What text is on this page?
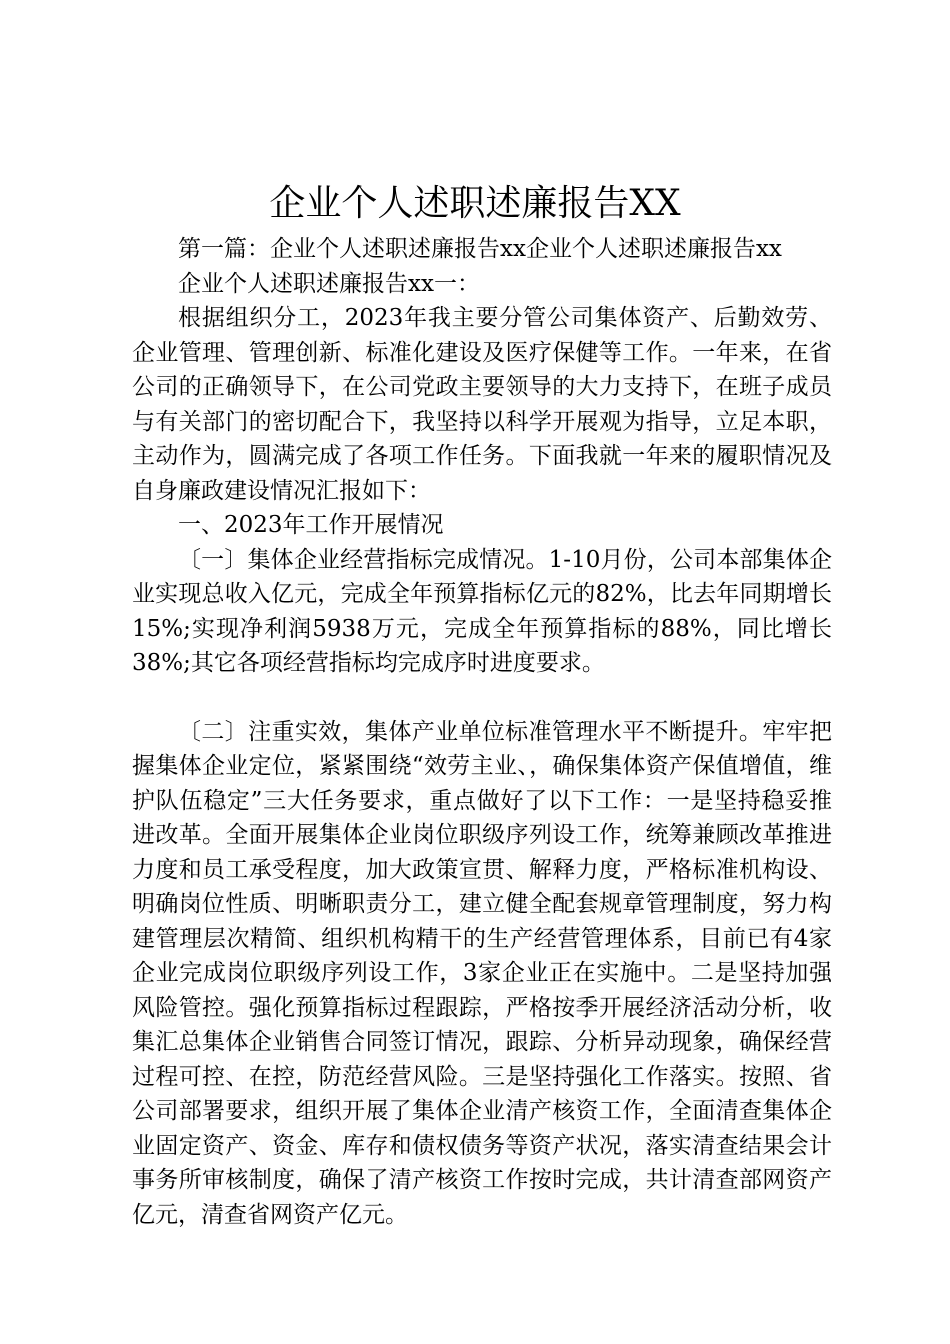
企业个人述职述廉报告XX

第一篇：企业个人述职述廉报告xx企业个人述职述廉报告xx

企业个人述职述廉报告xx一：

根据组织分工，2023年我主要分管公司集体资产、后勤效劳、企业管理、管理创新、标准化建设及医疗保健等工作。一年来，在省公司的正确领导下，在公司党政主要领导的大力支持下，在班子成员与有关部门的密切配合下，我坚持以科学开展观为指导，立足本职，主动作为，圆满完成了各项工作任务。下面我就一年来的履职情况及自身廉政建设情况汇报如下：

一、2023年工作开展情况

〔一〕集体企业经营指标完成情况。1-10月份，公司本部集体企业实现总收入亿元，完成全年预算指标亿元的82%，比去年同期增长15%;实现净利润5938万元，完成全年预算指标的88%，同比增长38%;其它各项经营指标均完成序时进度要求。

〔二〕注重实效，集体产业单位标准管理水平不断提升。牢牢把握集体企业定位，紧紧围绕“效劳主业、，确保集体资产保值增值，维护队伍稳定”三大任务要求，重点做好了以下工作：一是坚持稳妥推进改革。全面开展集体企业岗位职级序列设工作，统筹兼顾改革推进力度和员工承受程度，加大政策宣贯、解释力度，严格标准机构设、明确岗位性质、明晰职责分工，建立健全配套规章管理制度，努力构建管理层次精简、组织机构精干的生产经营管理体系，目前已有4家企业完成岗位职级序列设工作，3家企业正在实施中。二是坚持加强风险管控。强化预算指标过程跟踪，严格按季开展经济活动分析，收集汇总集体企业销售合同签订情况，跟踪、分析异动现象，确保经营过程可控、在控，防范经营风险。三是坚持强化工作落实。按照、省公司部署要求，组织开展了集体企业清产核资工作，全面清查集体企业固定资产、资金、库存和债权债务等资产状况，落实清查结果会计事务所审核制度，确保了清产核资工作按时完成，共计清查部网资产亿元，清查省网资产亿元。
